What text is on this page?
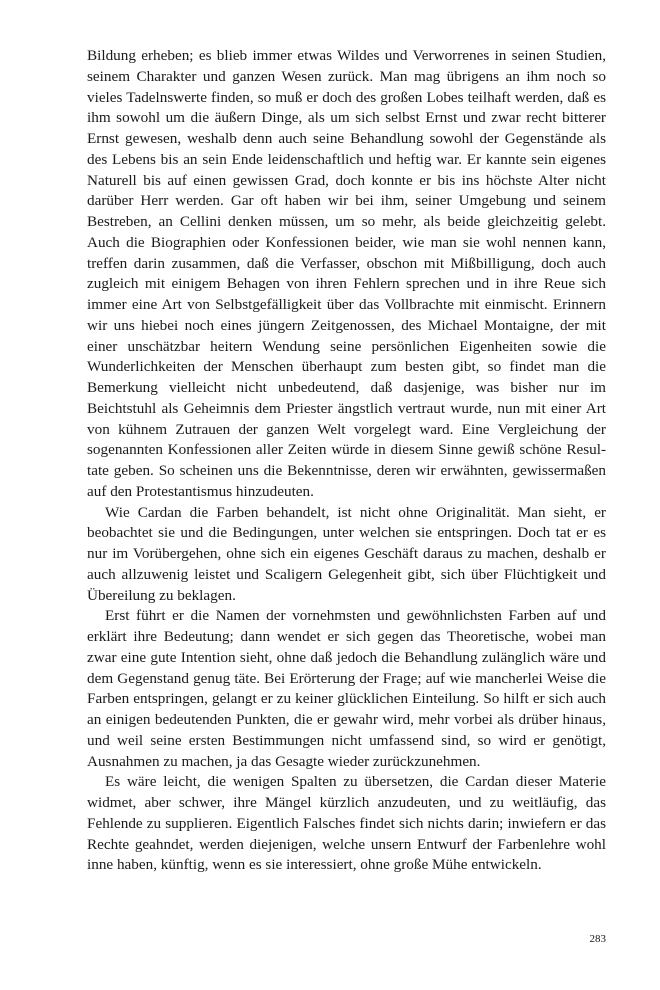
Bildung erheben; es blieb immer etwas Wildes und Verworrenes in seinen Studien, seinem Charakter und ganzen Wesen zurück. Man mag übrigens an ihm noch so vieles Tadelnswerte finden, so muß er doch des großen Lobes teilhaft werden, daß es ihm sowohl um die äußern Dinge, als um sich selbst Ernst und zwar recht bitterer Ernst gewesen, weshalb denn auch seine Behandlung sowohl der Gegenstände als des Lebens bis an sein Ende leidenschaftlich und heftig war. Er kannte sein eigenes Naturell bis auf einen gewissen Grad, doch konnte er bis ins höchste Alter nicht darüber Herr werden. Gar oft haben wir bei ihm, seiner Umgebung und seinem Bestreben, an Cellini denken müssen, um so mehr, als beide gleichzeitig gelebt. Auch die Biographien oder Konfessionen beider, wie man sie wohl nennen kann, treffen darin zusammen, daß die Verfasser, obschon mit Mißbilligung, doch auch zugleich mit einigem Behagen von ihren Fehlern sprechen und in ihre Reue sich immer eine Art von Selbstgefälligkeit über das Vollbrachte mit einmischt. Erinnern wir uns hiebei noch eines jüngern Zeitgenossen, des Michael Montaigne, der mit einer unschätzbar heitern Wendung seine persönlichen Eigenheiten sowie die Wunderlichkeiten der Menschen überhaupt zum besten gibt, so findet man die Bemerkung vielleicht nicht unbedeutend, daß dasjenige, was bisher nur im Beichtstuhl als Geheimnis dem Priester ängstlich vertraut wurde, nun mit einer Art von kühnem Zutrauen der ganzen Welt vorgelegt ward. Eine Vergleichung der sogenannten Konfessionen aller Zeiten würde in diesem Sinne gewiß schöne Resultate geben. So scheinen uns die Bekenntnisse, deren wir erwähnten, gewissermaßen auf den Protestantismus hinzudeuten.

Wie Cardan die Farben behandelt, ist nicht ohne Originalität. Man sieht, er beobachtet sie und die Bedingungen, unter welchen sie entspringen. Doch tat er es nur im Vorübergehen, ohne sich ein eigenes Geschäft daraus zu machen, deshalb er auch allzuwenig leistet und Scaligern Gelegenheit gibt, sich über Flüchtigkeit und Übereilung zu beklagen.

Erst führt er die Namen der vornehmsten und gewöhnlichsten Farben auf und erklärt ihre Bedeutung; dann wendet er sich gegen das Theoretische, wobei man zwar eine gute Intention sieht, ohne daß jedoch die Behandlung zulänglich wäre und dem Gegenstand genug täte. Bei Erörterung der Frage; auf wie mancherlei Weise die Farben entspringen, gelangt er zu keiner glücklichen Einteilung. So hilft er sich auch an einigen bedeutenden Punkten, die er gewahr wird, mehr vorbei als drüber hinaus, und weil seine ersten Bestimmungen nicht umfassend sind, so wird er genötigt, Ausnahmen zu machen, ja das Gesagte wieder zurückzunehmen.

Es wäre leicht, die wenigen Spalten zu übersetzen, die Cardan dieser Materie widmet, aber schwer, ihre Mängel kürzlich anzudeuten, und zu weitläufig, das Fehlende zu supplieren. Eigentlich Falsches findet sich nichts darin; inwiefern er das Rechte geahndet, werden diejenigen, welche unsern Entwurf der Farbenlehre wohl inne haben, künftig, wenn es sie interessiert, ohne große Mühe entwickeln.

283
